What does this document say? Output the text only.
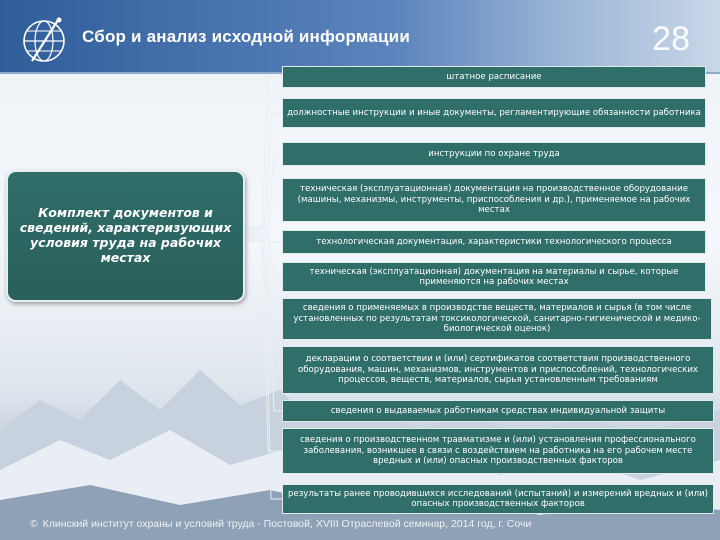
Сбор и анализ исходной информации	28
Комплект документов и сведений, характеризующих условия труда на рабочих местах
штатное расписание
должностные инструкции и иные документы, регламентирующие обязанности работника
инструкции по охране труда
техническая (эксплуатационная) документация на производственное оборудование (машины, механизмы, инструменты, приспособления и др.), применяемое на рабочих местах
технологическая документация, характеристики технологического процесса
техническая (эксплуатационная) документация на материалы и сырье, которые применяются на рабочих местах
сведения о применяемых в производстве веществ, материалов и сырья (в том числе установленных по результатам токсикологической, санитарно-гигиенической и медико-биологической оценок)
декларации о соответствии и (или) сертификатов соответствия производственного оборудования, машин, механизмов, инструментов и приспособлений, технологических процессов, веществ, материалов, сырья установленным требованиям
сведения о выдаваемых работникам средствах индивидуальной защиты
сведения о производственном травматизме и (или) установления профессионального заболевания, возникшее в связи с воздействием на работника на его рабочем месте вредных и (или) опасных производственных факторов
результаты ранее проводившихся исследований (испытаний) и измерений вредных и (или) опасных производственных факторов
© Клинский институт охраны и условий труда - Постовой, XVIII Отраслевой семинар, 2014 год, г. Сочи
